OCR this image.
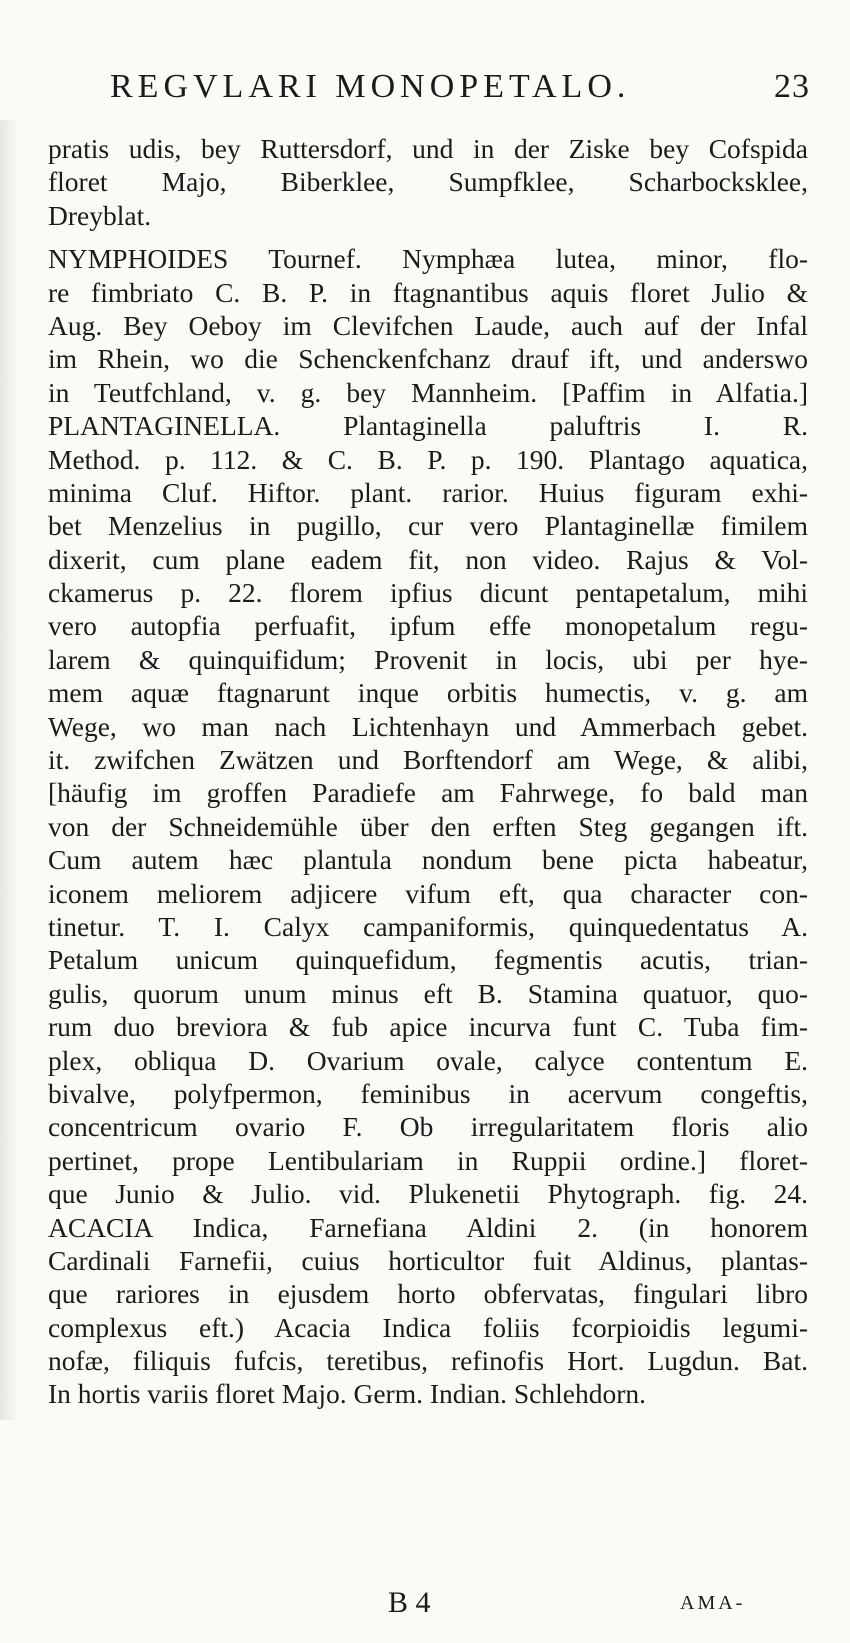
REGVLARI MONOPETALO.	23
pratis udis, bey Ruttersdorf, und in der Ziske bey Cofspida
floret Majo, Biberklee, Sumpfklee, Scharbocksklee,
Dreyblat.
NYMPHOIDES Tournef. Nymphæa lutea, minor, flo-
re fimbriato C. B. P. in ftagnantibus aquis floret Julio &
Aug. Bey Oeboy im Clevifchen Laude, auch auf der Infal
im Rhein, wo die Schenckenfchanz drauf ift, und anderswo
in Teutfchland, v. g. bey Mannheim. [Paffim in Alfatia.]
PLANTAGINELLA. Plantaginella paluftris I. R.
Method. p. 112. & C. B. P. p. 190. Plantago aquatica,
minima Cluf. Hiftor. plant. rarior. Huius figuram exhi-
bet Menzelius in pugillo, cur vero Plantaginellæ fimilem
dixerit, cum plane eadem fit, non video. Rajus & Vol-
ckamerus p. 22. florem ipfius dicunt pentapetalum, mihi
vero autopfia perfuafit, ipfum effe monopetalum regu-
larem & quinquifidum; Provenit in locis, ubi per hye-
mem aquæ ftagnarunt inque orbitis humectis, v. g. am
Wege, wo man nach Lichtenhayn und Ammerbach gebet.
it. zwifchen Zwätzen und Borftendorf am Wege, & alibi,
[häufig im groffen Paradiefe am Fahrwege, fo bald man
von der Schneidemühle über den erften Steg gegangen ift.
Cum autem hæc plantula nondum bene picta habeatur,
iconem meliorem adjicere vifum eft, qua character con-
tinetur. T. I. Calyx campaniformis, quinquedentatus A.
Petalum unicum quinquefidum, fegmentis acutis, trian-
gulis, quorum unum minus eft B. Stamina quatuor, quo-
rum duo breviora & fub apice incurva funt C. Tuba fim-
plex, obliqua D. Ovarium ovale, calyce contentum E.
bivalve, polyfpermon, feminibus in acervum congeftis,
concentricum ovario F. Ob irregularitatem floris alio
pertinet, prope Lentibulariam in Ruppii ordine.] floret-
que Junio & Julio. vid. Plukenetii Phytograph. fig. 24.
ACACIA Indica, Farnefiana Aldini 2. (in honorem
Cardinali Farnefii, cuius horticultor fuit Aldinus, plantas-
que rariores in ejusdem horto obfervatas, fingulari libro
complexus eft.) Acacia Indica foliis fcorpioidis legumi-
nofæ, filiquis fufcis, teretibus, refinofis Hort. Lugdun. Bat.
In hortis variis floret Majo. Germ. Indian. Schlehdorn.
B 4	AMA-
